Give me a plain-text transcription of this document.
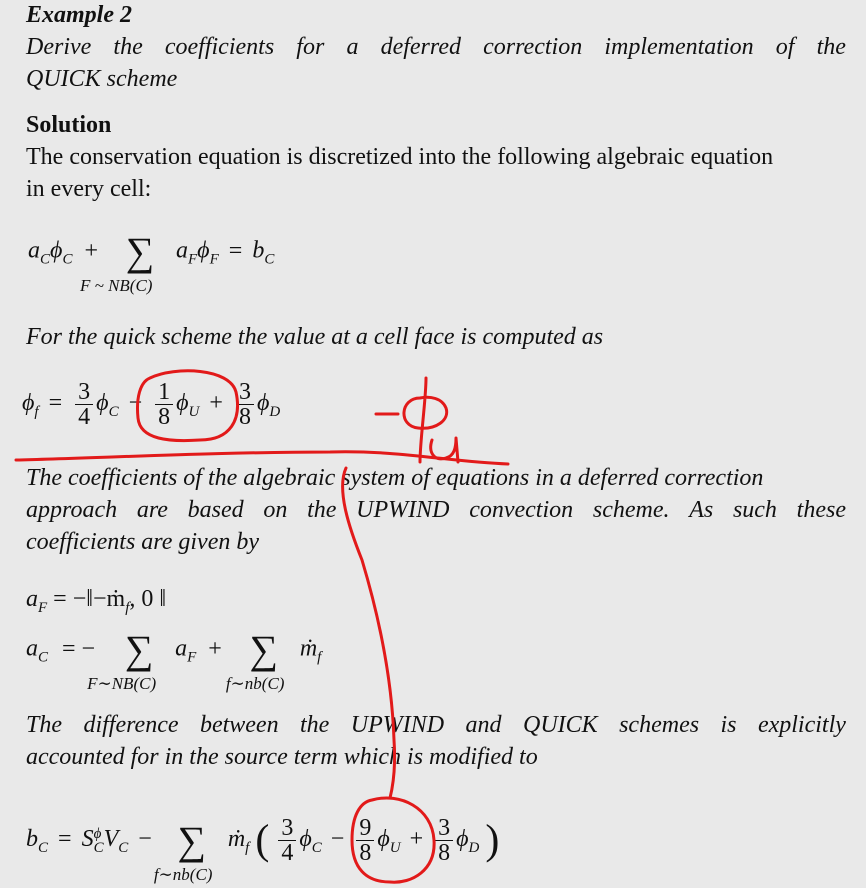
Example 2
Derive the coefficients for a deferred correction implementation of the
QUICK scheme
Solution
The conservation equation is discretized into the following algebraic equation
in every cell:
$a_C\phi_C$ + ∑
F ~ NB(C)
$a_F\phi_F = b_C$
For the quick scheme the value at a cell face is computed as
$\phi_f = \frac{3}{4} \phi_C - \frac{1}{8} \phi_U + \frac{3}{8} \phi_D$
The coefficients of the algebraic system of equations in a deferred correction
approach are based on the UPWIND convection scheme. As such these
coefficients are given by
$a_F$ = −‖−ṁ$_f$, 0 ‖
$a_C$ = − ∑
F∼NB(C)
$a_F$ + ∑
f∼nb(C)
ṁ$_f$
The difference between the UPWIND and QUICK schemes is explicitly
accounted for in the source term which is modified to
$b_C = S$ ϕ
C $V_C$ − ∑
f∼nb(C)
ṁ$_f$ ( $\frac{3}{4} \phi_C - \frac{9}{8} \phi_U + \frac{3}{8} \phi_D$ )
